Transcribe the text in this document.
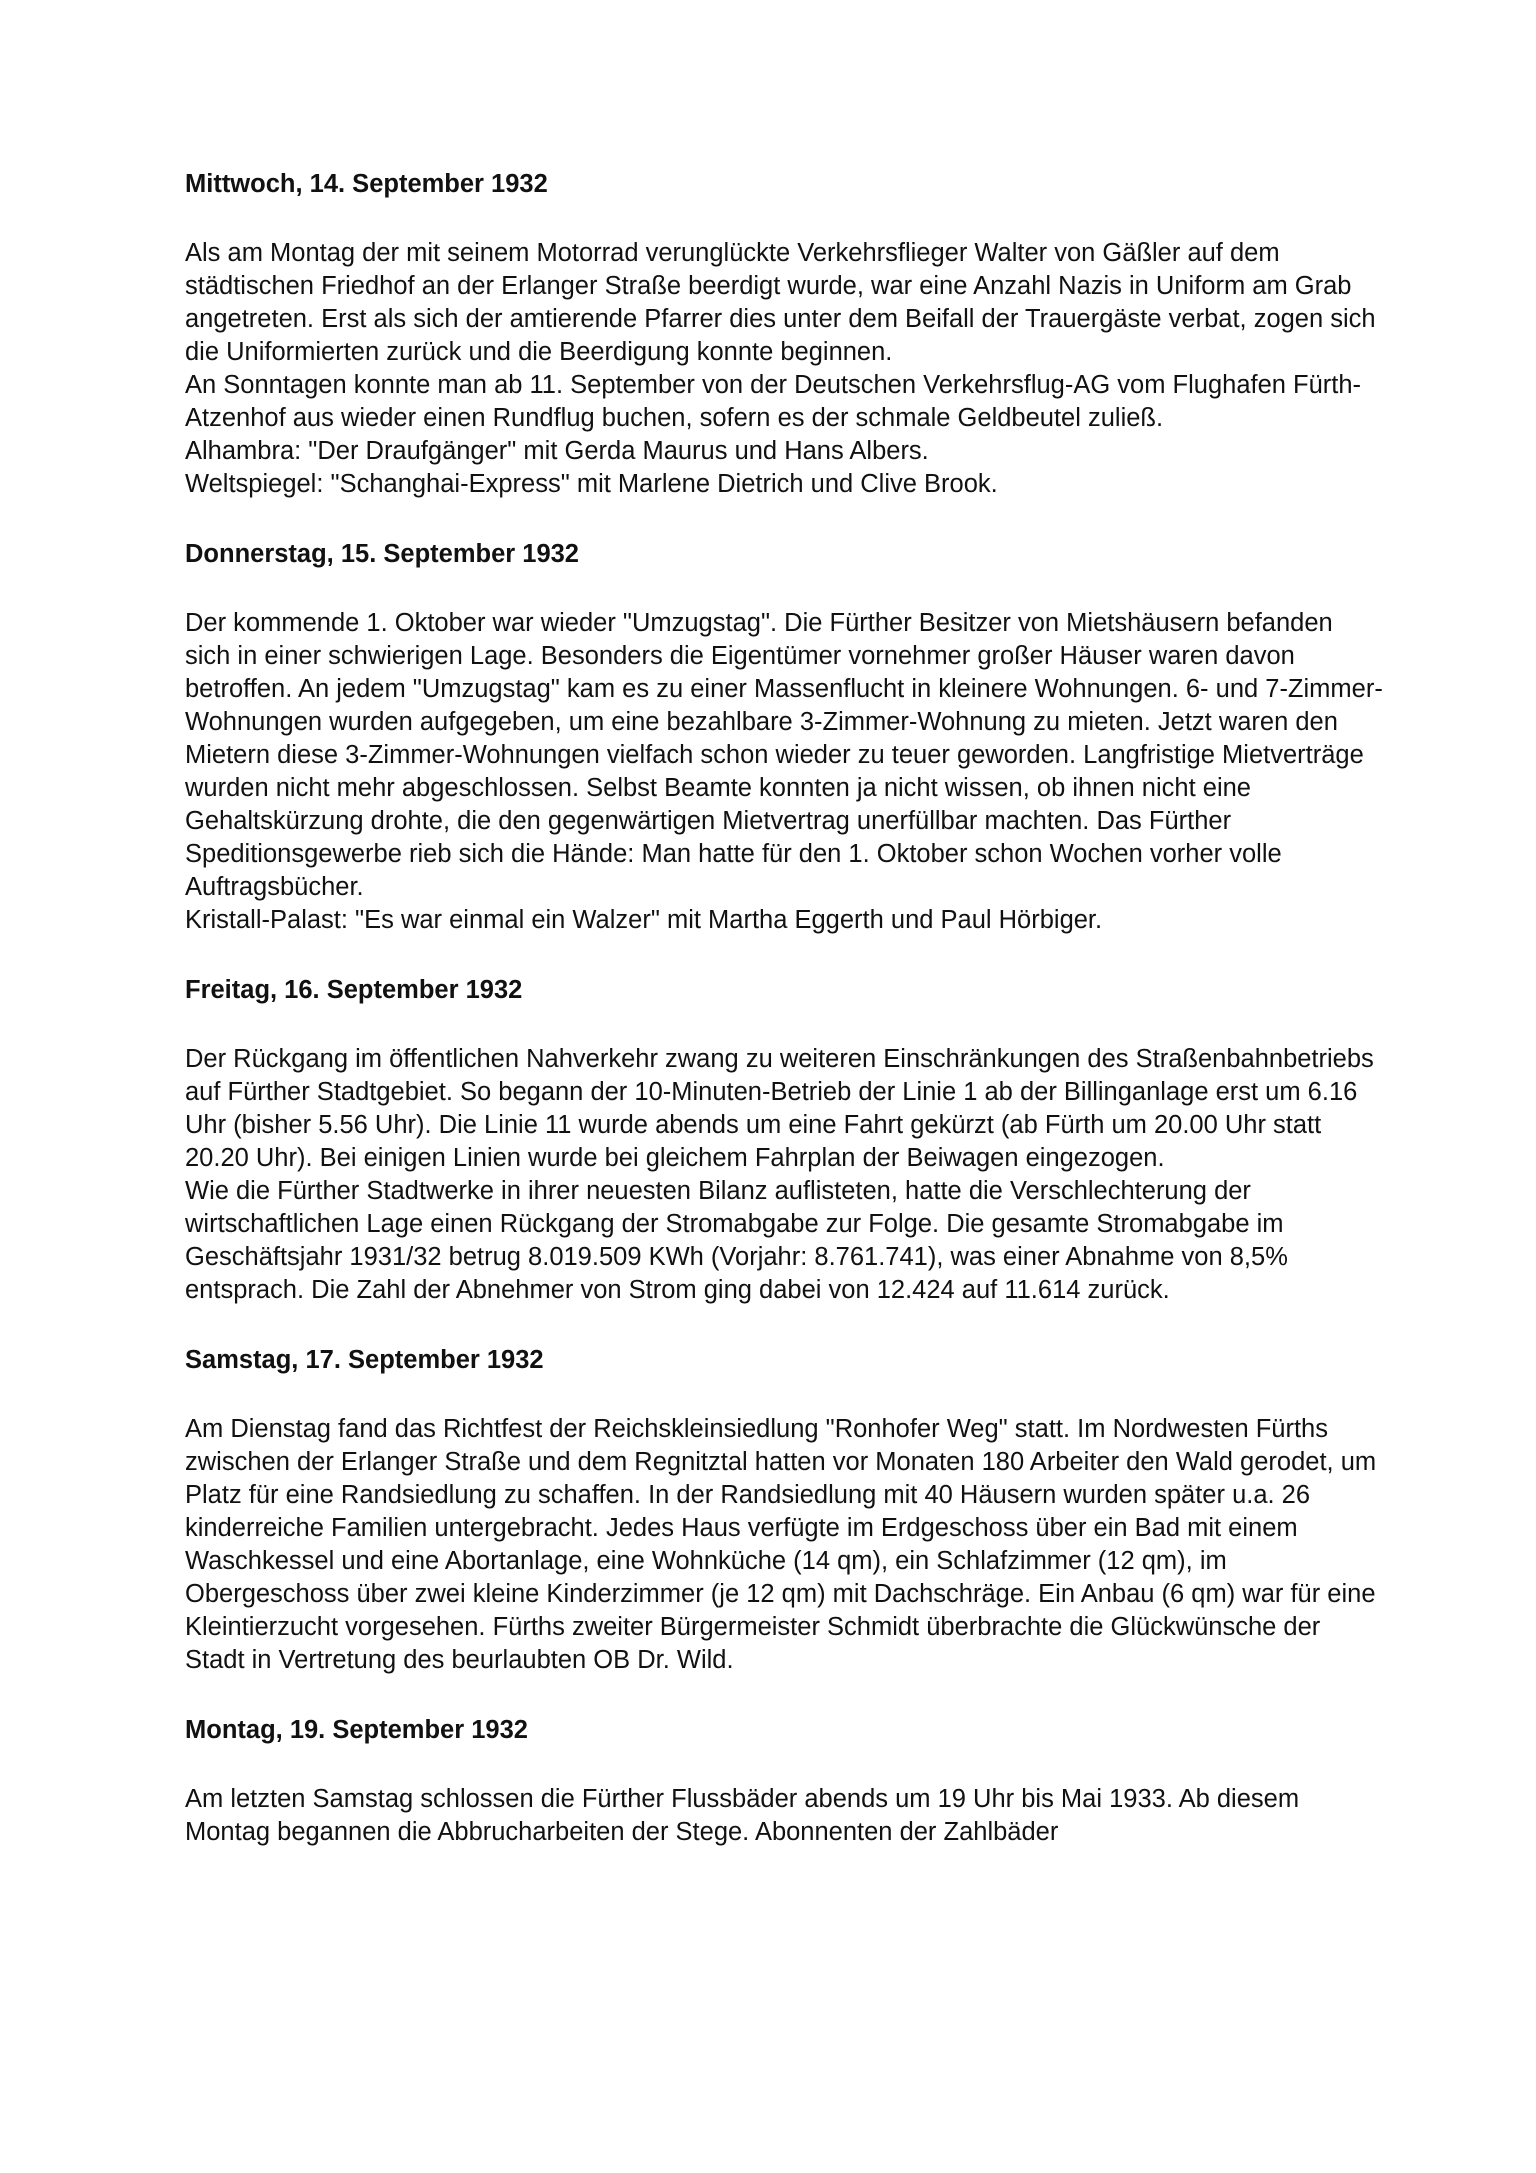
Mittwoch, 14. September 1932

Als am Montag der mit seinem Motorrad verunglückte Verkehrsflieger Walter von Gäßler auf dem städtischen Friedhof an der Erlanger Straße beerdigt wurde, war eine Anzahl Nazis in Uniform am Grab angetreten. Erst als sich der amtierende Pfarrer dies unter dem Beifall der Trauergäste verbat, zogen sich die Uniformierten zurück und die Beerdigung konnte beginnen.

An Sonntagen konnte man ab 11. September von der Deutschen Verkehrsflug-AG vom Flughafen Fürth-Atzenhof aus wieder einen Rundflug buchen, sofern es der schmale Geldbeutel zuließ.

Alhambra: "Der Draufgänger" mit Gerda Maurus und Hans Albers.

Weltspiegel: "Schanghai-Express" mit Marlene Dietrich und Clive Brook.

Donnerstag, 15. September 1932

Der kommende 1. Oktober war wieder "Umzugstag". Die Fürther Besitzer von Mietshäusern befanden sich in einer schwierigen Lage. Besonders die Eigentümer vornehmer großer Häuser waren davon betroffen. An jedem "Umzugstag" kam es zu einer Massenflucht in kleinere Wohnungen. 6- und 7-Zimmer-Wohnungen wurden aufgegeben, um eine bezahlbare 3-Zimmer-Wohnung zu mieten. Jetzt waren den Mietern diese 3-Zimmer-Wohnungen vielfach schon wieder zu teuer geworden. Langfristige Mietverträge wurden nicht mehr abgeschlossen. Selbst Beamte konnten ja nicht wissen, ob ihnen nicht eine Gehaltskürzung drohte, die den gegenwärtigen Mietvertrag unerfüllbar machten. Das Fürther Speditionsgewerbe rieb sich die Hände: Man hatte für den 1. Oktober schon Wochen vorher volle Auftragsbücher.

Kristall-Palast: "Es war einmal ein Walzer" mit Martha Eggerth und Paul Hörbiger.

Freitag, 16. September 1932

Der Rückgang im öffentlichen Nahverkehr zwang zu weiteren Einschränkungen des Straßenbahnbetriebs auf Fürther Stadtgebiet. So begann der 10-Minuten-Betrieb der Linie 1 ab der Billinganlage erst um 6.16 Uhr (bisher 5.56 Uhr). Die Linie 11 wurde abends um eine Fahrt gekürzt (ab Fürth um 20.00 Uhr statt 20.20 Uhr). Bei einigen Linien wurde bei gleichem Fahrplan der Beiwagen eingezogen.

Wie die Fürther Stadtwerke in ihrer neuesten Bilanz auflisteten, hatte die Verschlechterung der wirtschaftlichen Lage einen Rückgang der Stromabgabe zur Folge. Die gesamte Stromabgabe im Geschäftsjahr 1931/32 betrug 8.019.509 KWh (Vorjahr: 8.761.741), was einer Abnahme von 8,5% entsprach. Die Zahl der Abnehmer von Strom ging dabei von 12.424 auf 11.614 zurück.

Samstag, 17. September 1932

Am Dienstag fand das Richtfest der Reichskleinsiedlung "Ronhofer Weg" statt. Im Nordwesten Fürths zwischen der Erlanger Straße und dem Regnitztal hatten vor Monaten 180 Arbeiter den Wald gerodet, um Platz für eine Randsiedlung zu schaffen. In der Randsiedlung mit 40 Häusern wurden später u.a. 26 kinderreiche Familien untergebracht. Jedes Haus verfügte im Erdgeschoss über ein Bad mit einem Waschkessel und eine Abortanlage, eine Wohnküche (14 qm), ein Schlafzimmer (12 qm), im Obergeschoss über zwei kleine Kinderzimmer (je 12 qm) mit Dachschräge. Ein Anbau (6 qm) war für eine Kleintierzucht vorgesehen. Fürths zweiter Bürgermeister Schmidt überbrachte die Glückwünsche der Stadt in Vertretung des beurlaubten OB Dr. Wild.

Montag, 19. September 1932

Am letzten Samstag schlossen die Fürther Flussbäder abends um 19 Uhr bis Mai 1933. Ab diesem Montag begannen die Abbrucharbeiten der Stege. Abonnenten der Zahlbäder
